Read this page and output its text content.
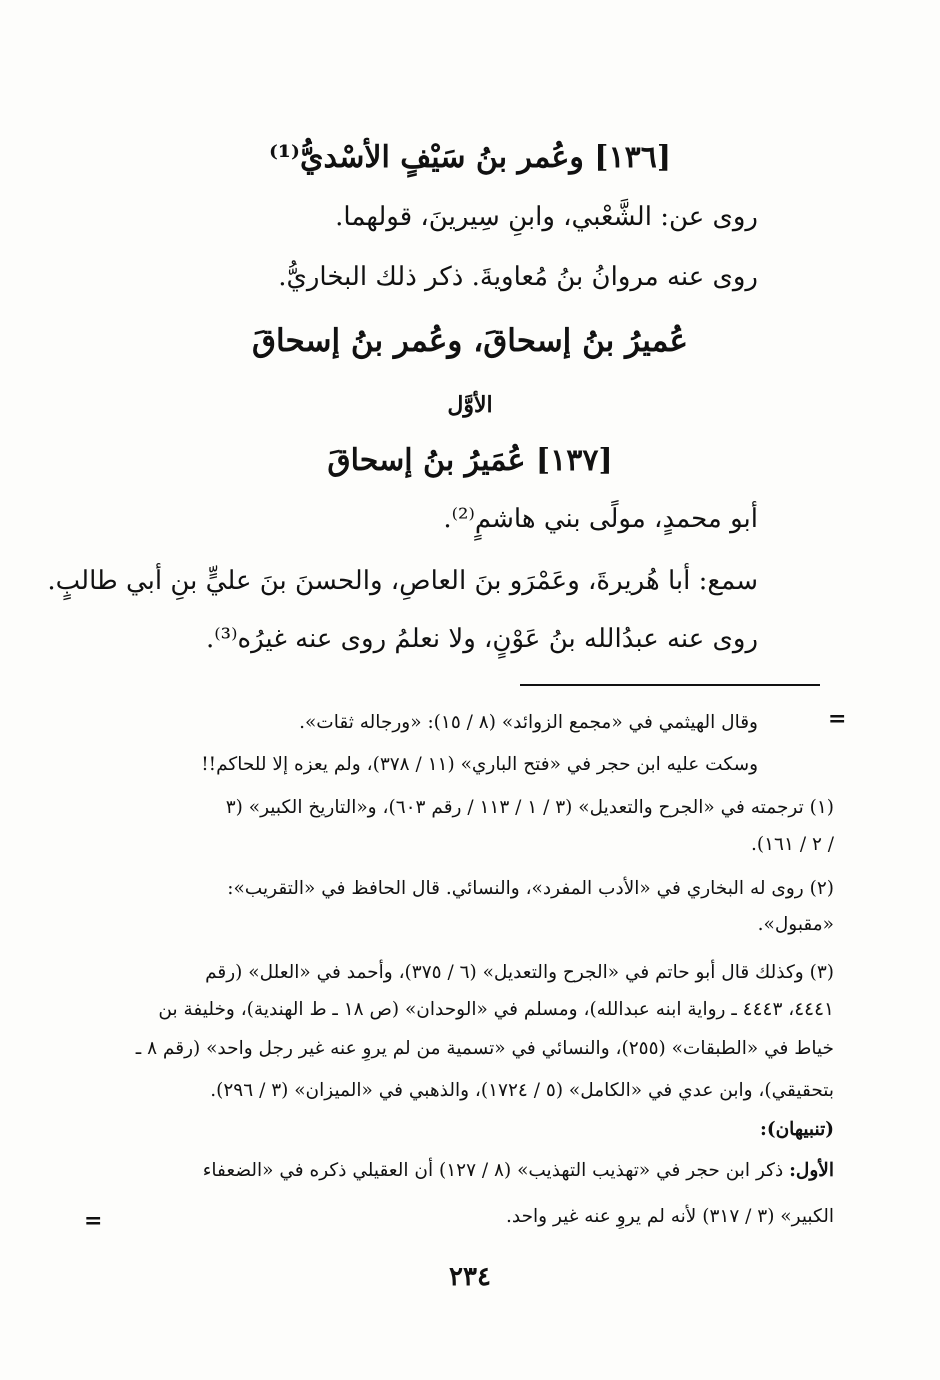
[١٣٦] وعُمر بنُ سَيْفٍ الأسْديُّ⁽¹⁾
روى عن: الشَّعْبي، وابنِ سِيرينَ، قولهما.
روى عنه مروانُ بنُ مُعاويةَ. ذكر ذلك البخاريُّ.
عُميرُ بنُ إسحاقَ، وعُمر بنُ إسحاقَ
الأوَّل
[١٣٧] عُمَيرُ بنُ إسحاقَ
أبو محمدٍ، مولًى بني هاشمٍ⁽²⁾.
سمع: أبا هُريرةَ، وعَمْرَو بنَ العاصِ، والحسنَ بنَ عليٍّ بنِ أبي طالبٍ.
روى عنه عبدُالله بنُ عَوْنٍ، ولا نعلمُ روى عنه غيرُه⁽³⁾.
=
=
وقال الهيثمي في «مجمع الزوائد» (٨ / ١٥): «ورجاله ثقات».
وسكت عليه ابن حجر في «فتح الباري» (١١ / ٣٧٨)، ولم يعزه إلا للحاكم!!
(١) ترجمته في «الجرح والتعديل» (٣ / ١ / ١١٣ / رقم ٦٠٣)، و«التاريخ الكبير» (٣
/ ٢ / ١٦١).
(٢) روى له البخاري في «الأدب المفرد»، والنسائي. قال الحافظ في «التقريب»:
«مقبول».
(٣) وكذلك قال أبو حاتم في «الجرح والتعديل» (٦ / ٣٧٥)، وأحمد في «العلل» (رقم
٤٤٤١، ٤٤٤٣ ـ رواية ابنه عبدالله)، ومسلم في «الوحدان» (ص ١٨ ـ ط الهندية)، وخليفة بن
خياط في «الطبقات» (٢٥٥)، والنسائي في «تسمية من لم يروِ عنه غير رجل واحد» (رقم ٨ ـ
بتحقيقي)، وابن عدي في «الكامل» (٥ / ١٧٢٤)، والذهبي في «الميزان» (٣ / ٢٩٦).
(تنبيهان):
الأول: ذكر ابن حجر في «تهذيب التهذيب» (٨ / ١٢٧) أن العقيلي ذكره في «الضعفاء
الكبير» (٣ / ٣١٧) لأنه لم يروِ عنه غير واحد.
٢٣٤
